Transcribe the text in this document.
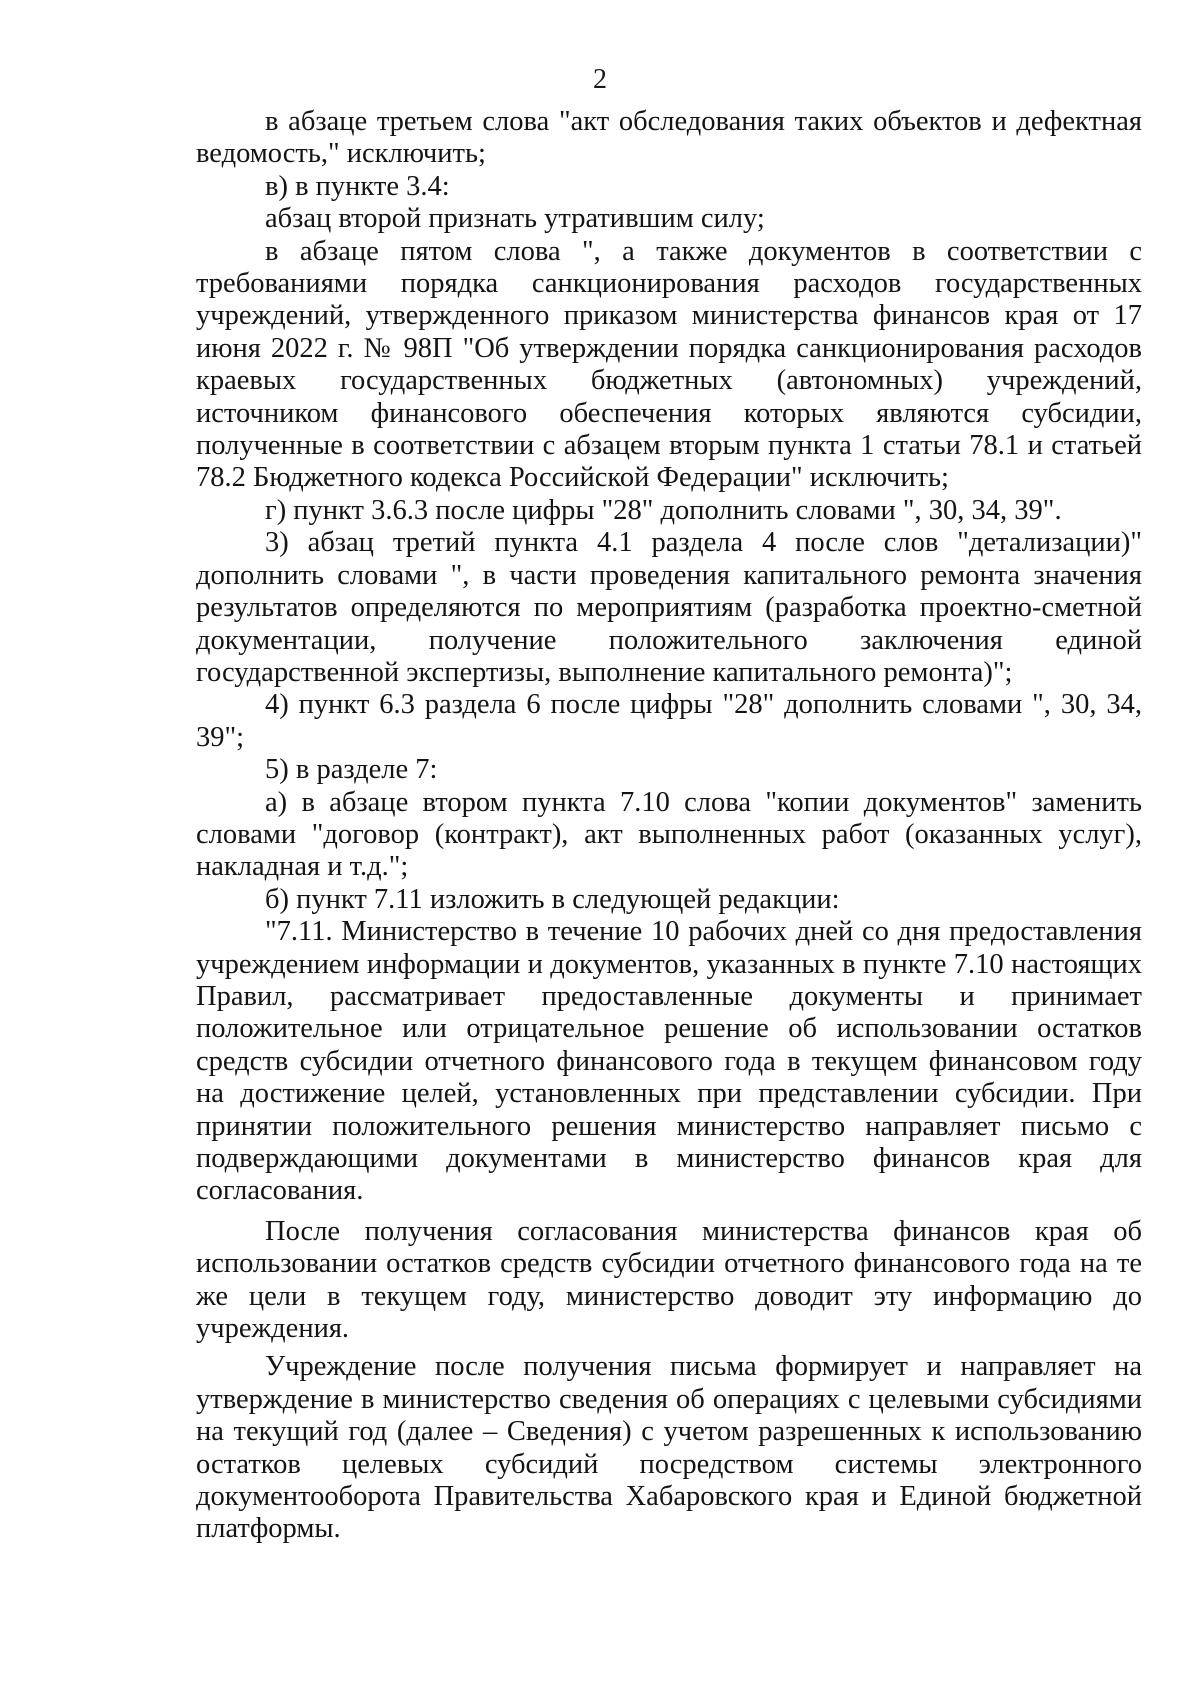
2

в абзаце третьем слова "акт обследования таких объектов и дефектная ведомость," исключить;

в) в пункте 3.4:

абзац второй признать утратившим силу;

в абзаце пятом слова ", а также документов в соответствии с требованиями порядка санкционирования расходов государственных учреждений, утвержденного приказом министерства финансов края от 17 июня 2022 г. № 98П "Об утверждении порядка санкционирования расходов краевых государственных бюджетных (автономных) учреждений, источником финансового обеспечения которых являются субсидии, полученные в соответствии с абзацем вторым пункта 1 статьи 78.1 и статьей 78.2 Бюджетного кодекса Российской Федерации" исключить;

г) пункт 3.6.3 после цифры "28" дополнить словами ", 30, 34, 39".

3) абзац третий пункта 4.1 раздела 4 после слов "детализации)" дополнить словами ", в части проведения капитального ремонта значения результатов определяются по мероприятиям (разработка проектно-сметной документации, получение положительного заключения единой государственной экспертизы, выполнение капитального ремонта)";

4) пункт 6.3 раздела 6 после цифры "28" дополнить словами ", 30, 34, 39";

5) в разделе 7:

а) в абзаце втором пункта 7.10 слова "копии документов" заменить словами "договор (контракт), акт выполненных работ (оказанных услуг), накладная и т.д.";

б) пункт 7.11 изложить в следующей редакции:

"7.11. Министерство в течение 10 рабочих дней со дня предоставления учреждением информации и документов, указанных в пункте 7.10 настоящих Правил, рассматривает предоставленные документы и принимает положительное или отрицательное решение об использовании остатков средств субсидии отчетного финансового года в текущем финансовом году на достижение целей, установленных при представлении субсидии. При принятии положительного решения министерство направляет письмо с подверждающими документами в министерство финансов края для согласования.

После получения согласования министерства финансов края об использовании остатков средств субсидии отчетного финансового года на те же цели в текущем году, министерство доводит эту информацию до учреждения.

Учреждение после получения письма формирует и направляет на утверждение в министерство сведения об операциях с целевыми субсидиями на текущий год (далее – Сведения) с учетом разрешенных к использованию остатков целевых субсидий посредством системы электронного документооборота Правительства Хабаровского края и Единой бюджетной платформы.
